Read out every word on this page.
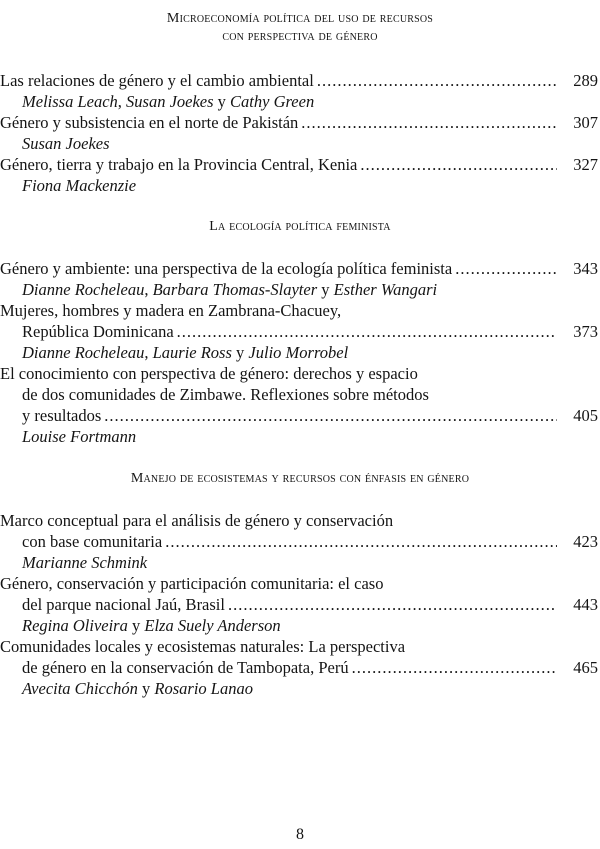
Microeconomía política del uso de recursos
con perspectiva de género
Las relaciones de género y el cambio ambiental .....	289
Melissa Leach, Susan Joekes y Cathy Green
Género y subsistencia en el norte de Pakistán .....	307
Susan Joekes
Género, tierra y trabajo en la Provincia Central, Kenia .....	327
Fiona Mackenzie
La ecología política feminista
Género y ambiente: una perspectiva de la ecología política feminista .....	343
Dianne Rocheleau, Barbara Thomas-Slayter y Esther Wangari
Mujeres, hombres y madera en Zambrana-Chacuey,
República Dominicana .....	373
Dianne Rocheleau, Laurie Ross y Julio Morrobel
El conocimiento con perspectiva de género: derechos y espacio
de dos comunidades de Zimbawe. Reflexiones sobre métodos
y resultados .....	405
Louise Fortmann
Manejo de ecosistemas y recursos con énfasis en género
Marco conceptual para el análisis de género y conservación
con base comunitaria .....	423
Marianne Schmink
Género, conservación y participación comunitaria: el caso
del parque nacional Jaú, Brasil .....	443
Regina Oliveira y Elza Suely Anderson
Comunidades locales y ecosistemas naturales: La perspectiva
de género en la conservación de Tambopata, Perú .....	465
Avecita Chicchón y Rosario Lanao
8
